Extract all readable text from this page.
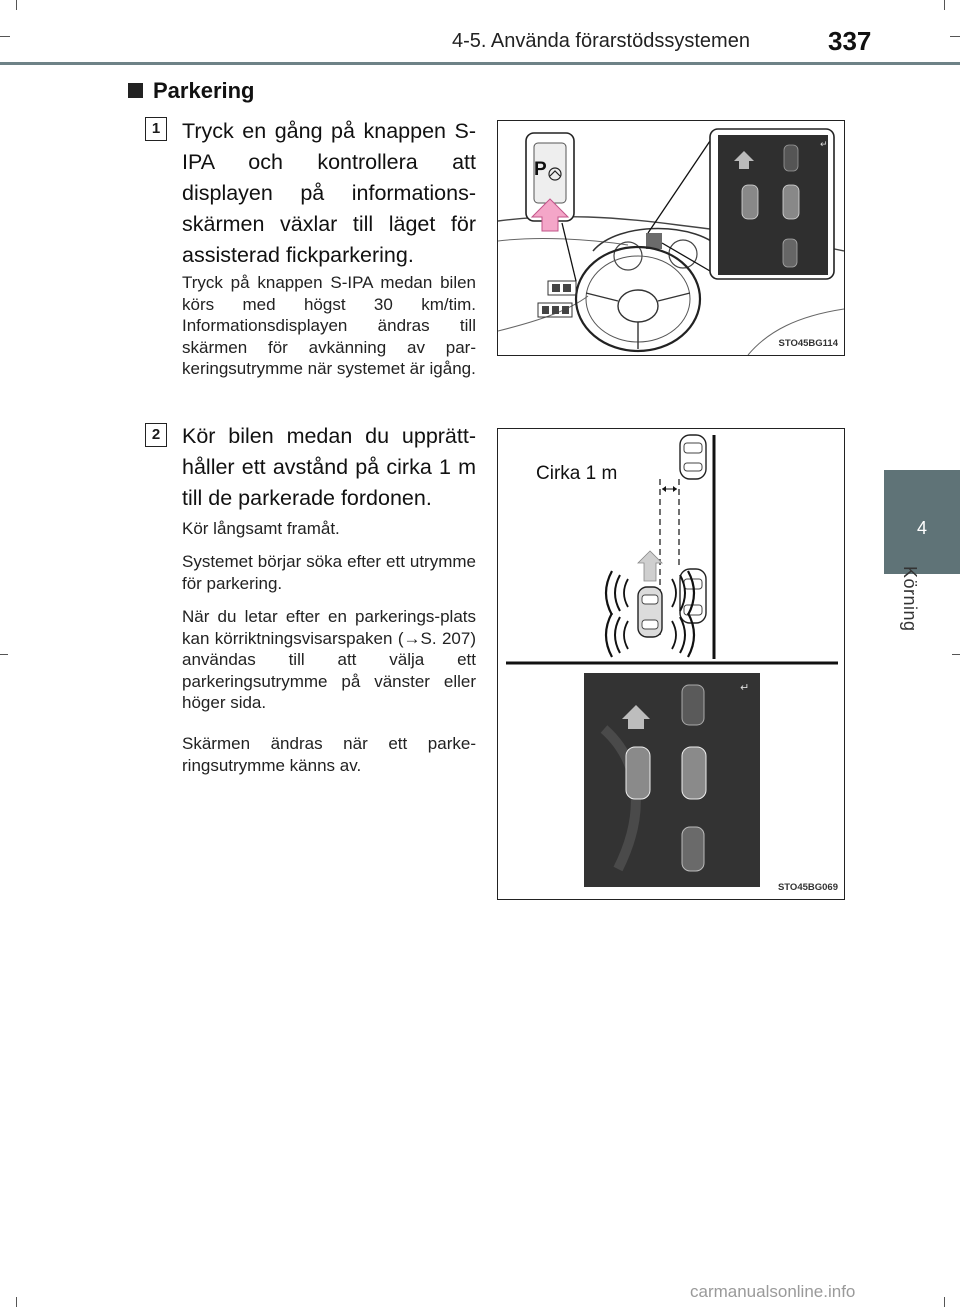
4-5. Använda förarstödssystemen	337
4
Körning
Parkering
1	Tryck en gång på knappen S-IPA och kontrollera att displayen på informations-skärmen växlar till läget för assisterad fickparkering.
Tryck på knappen S-IPA medan bilen körs med högst 30 km/tim. Informationsdisplayen ändras till skärmen för avkänning av par-keringsutrymme när systemet är igång.
2	Kör bilen medan du upprätt-håller ett avstånd på cirka 1 m till de parkerade fordonen.
Kör långsamt framåt.
Systemet börjar söka efter ett utrymme för parkering.
När du letar efter en parkerings-plats kan körriktningsvisarspaken (→S. 207) användas till att välja ett parkeringsutrymme på vänster eller höger sida.
Skärmen ändras när ett parke-ringsutrymme känns av.
↵
P
STO45BG114
↵
Cirka 1 m
STO45BG069
carmanualsonline.info
